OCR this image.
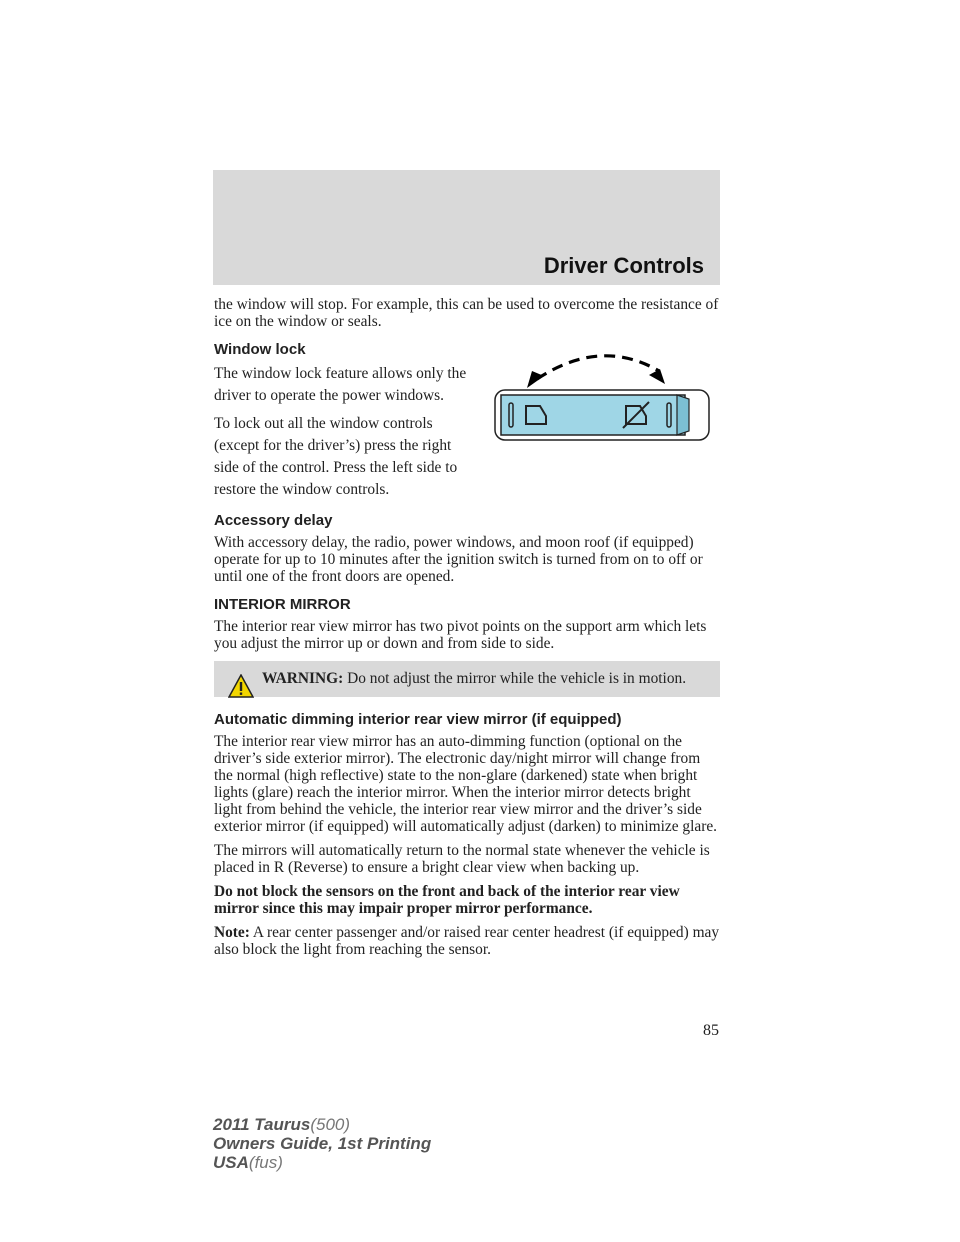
Driver Controls

the window will stop. For example, this can be used to overcome the resistance of ice on the window or seals.

Window lock

The window lock feature allows only the driver to operate the power windows.

To lock out all the window controls (except for the driver’s) press the right side of the control. Press the left side to restore the window controls.

Accessory delay

With accessory delay, the radio, power windows, and moon roof (if equipped) operate for up to 10 minutes after the ignition switch is turned from on to off or until one of the front doors are opened.

INTERIOR MIRROR

The interior rear view mirror has two pivot points on the support arm which lets you adjust the mirror up or down and from side to side.

WARNING: Do not adjust the mirror while the vehicle is in motion.
Automatic dimming interior rear view mirror (if equipped)

The interior rear view mirror has an auto-dimming function (optional on the driver’s side exterior mirror). The electronic day/night mirror will change from the normal (high reflective) state to the non-glare (darkened) state when bright lights (glare) reach the interior mirror. When the interior mirror detects bright light from behind the vehicle, the interior rear view mirror and the driver’s side exterior mirror (if equipped) will automatically adjust (darken) to minimize glare.

The mirrors will automatically return to the normal state whenever the vehicle is placed in R (Reverse) to ensure a bright clear view when backing up.

Do not block the sensors on the front and back of the interior rear view mirror since this may impair proper mirror performance.

Note: A rear center passenger and/or raised rear center headrest (if equipped) may also block the light from reaching the sensor.

85
2011 Taurus(500)
Owners Guide, 1st Printing
USA(fus)
